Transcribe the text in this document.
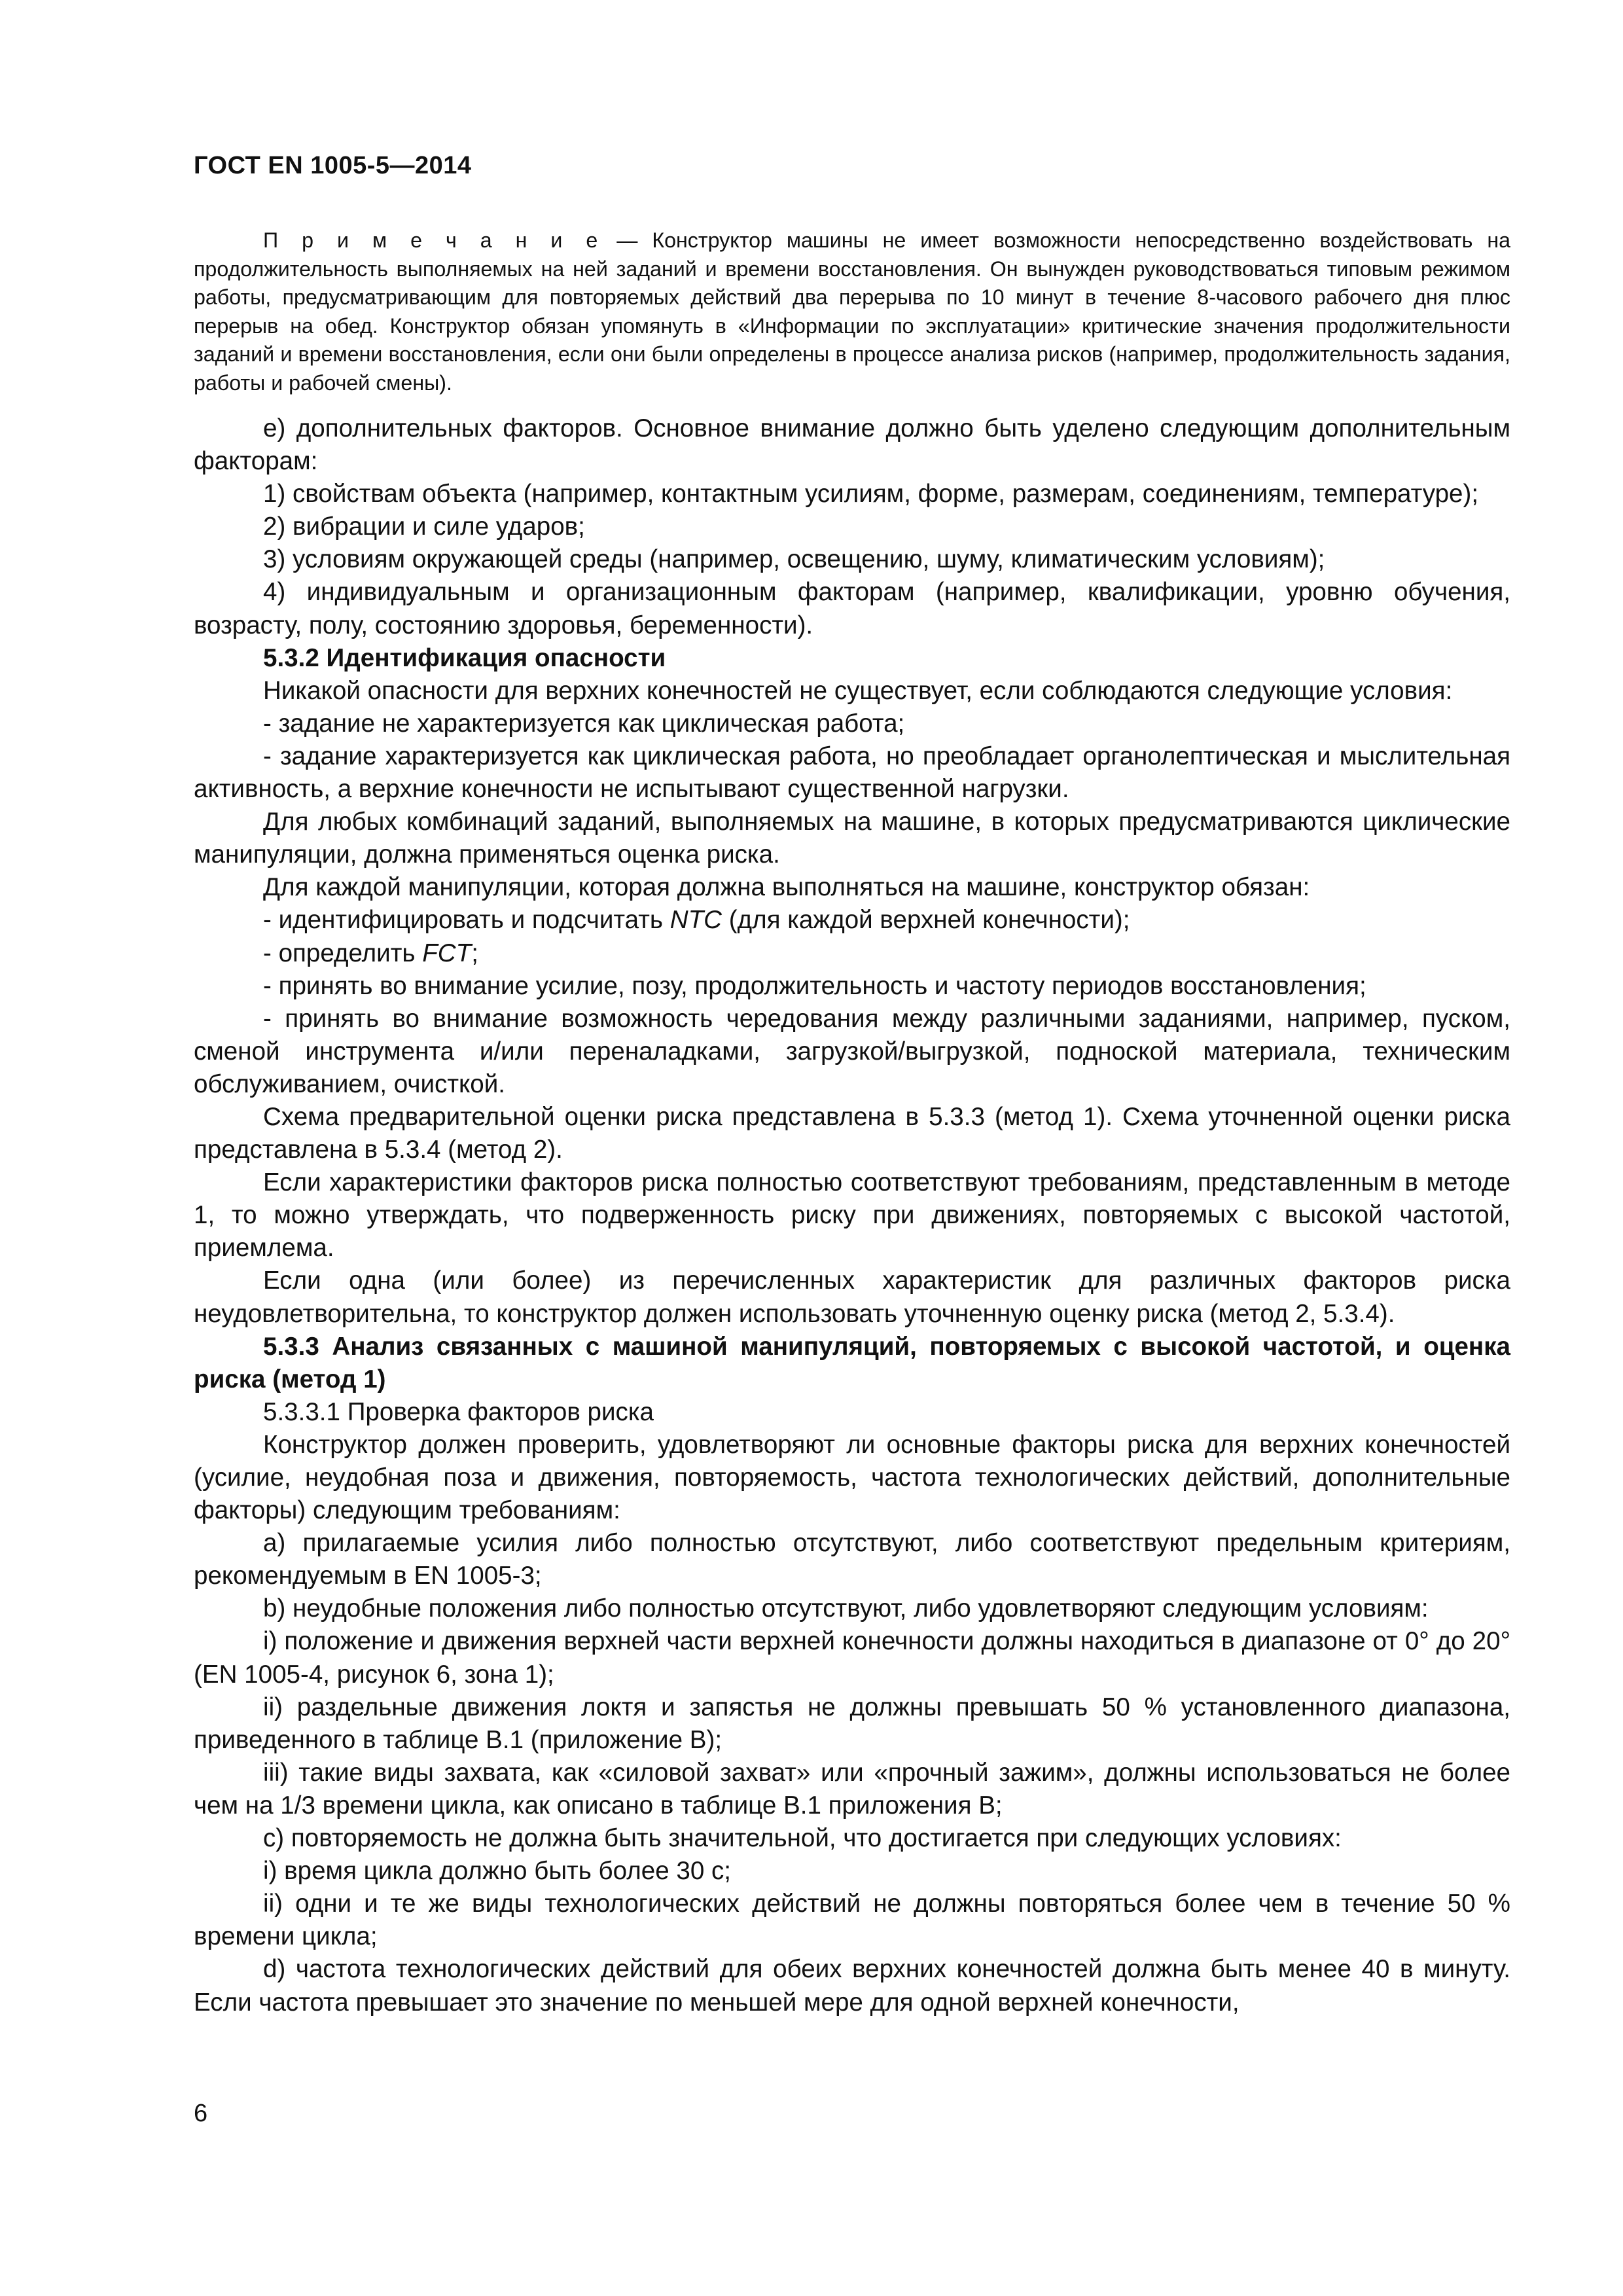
ГОСТ EN 1005-5—2014

П р и м е ч а н и е — Конструктор машины не имеет возможности непосредственно воздействовать на продолжительность выполняемых на ней заданий и времени восстановления. Он вынужден руководствоваться типовым режимом работы, предусматривающим для повторяемых действий два перерыва по 10 минут в течение 8-часового рабочего дня плюс перерыв на обед. Конструктор обязан упомянуть в «Информации по эксплуатации» критические значения продолжительности заданий и времени восстановления, если они были определены в процессе анализа рисков (например, продолжительность задания, работы и рабочей смены).

е) дополнительных факторов. Основное внимание должно быть уделено следующим дополнительным факторам:

1) свойствам объекта (например, контактным усилиям, форме, размерам, соединениям, температуре);

2) вибрации и силе ударов;

3) условиям окружающей среды (например, освещению, шуму, климатическим условиям);

4) индивидуальным и организационным факторам (например, квалификации, уровню обучения, возрасту, полу, состоянию здоровья, беременности).

5.3.2 Идентификация опасности

Никакой опасности для верхних конечностей не существует, если соблюдаются следующие условия:

- задание не характеризуется как циклическая работа;

- задание характеризуется как циклическая работа, но преобладает органолептическая и мыслительная активность, а верхние конечности не испытывают существенной нагрузки.

Для любых комбинаций заданий, выполняемых на машине, в которых предусматриваются циклические манипуляции, должна применяться оценка риска.

Для каждой манипуляции, которая должна выполняться на машине, конструктор обязан:

- идентифицировать и подсчитать NTC (для каждой верхней конечности);

- определить FCT;

- принять во внимание усилие, позу, продолжительность и частоту периодов восстановления;

- принять во внимание возможность чередования между различными заданиями, например, пуском, сменой инструмента и/или переналадками, загрузкой/выгрузкой, подноской материала, техническим обслуживанием, очисткой.

Схема предварительной оценки риска представлена в 5.3.3 (метод 1). Схема уточненной оценки риска представлена в 5.3.4 (метод 2).

Если характеристики факторов риска полностью соответствуют требованиям, представленным в методе 1, то можно утверждать, что подверженность риску при движениях, повторяемых с высокой частотой, приемлема.

Если одна (или более) из перечисленных характеристик для различных факторов риска неудовлетворительна, то конструктор должен использовать уточненную оценку риска (метод 2, 5.3.4).

5.3.3 Анализ связанных с машиной манипуляций, повторяемых с высокой частотой, и оценка риска (метод 1)

5.3.3.1 Проверка факторов риска

Конструктор должен проверить, удовлетворяют ли основные факторы риска для верхних конечностей (усилие, неудобная поза и движения, повторяемость, частота технологических действий, дополнительные факторы) следующим требованиям:

a) прилагаемые усилия либо полностью отсутствуют, либо соответствуют предельным критериям, рекомендуемым в EN 1005-3;

b) неудобные положения либо полностью отсутствуют, либо удовлетворяют следующим условиям:

i) положение и движения верхней части верхней конечности должны находиться в диапазоне от 0° до 20° (EN 1005-4, рисунок 6, зона 1);

ii) раздельные движения локтя и запястья не должны превышать 50 % установленного диапазона, приведенного в таблице B.1 (приложение B);

iii) такие виды захвата, как «силовой захват» или «прочный зажим», должны использоваться не более чем на 1/3 времени цикла, как описано в таблице B.1 приложения B;

c) повторяемость не должна быть значительной, что достигается при следующих условиях:

i) время цикла должно быть более 30 с;

ii) одни и те же виды технологических действий не должны повторяться более чем в течение 50 % времени цикла;

d) частота технологических действий для обеих верхних конечностей должна быть менее 40 в минуту. Если частота превышает это значение по меньшей мере для одной верхней конечности,

6
